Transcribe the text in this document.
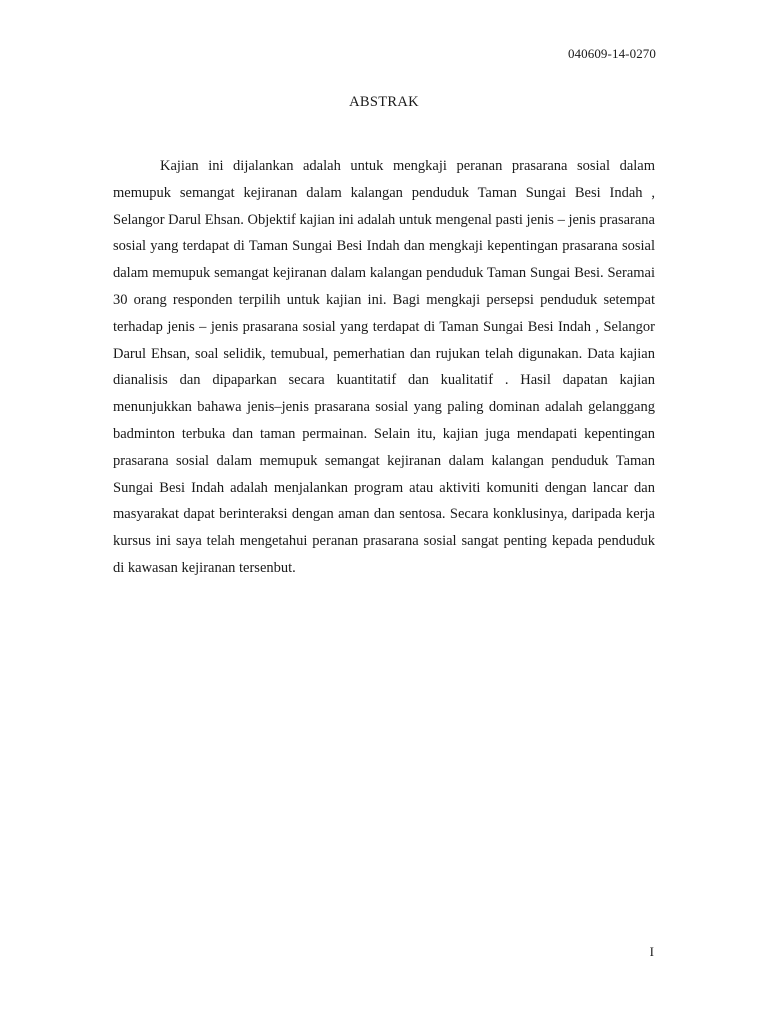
040609-14-0270
ABSTRAK

Kajian ini dijalankan adalah untuk mengkaji peranan prasarana sosial dalam memupuk semangat kejiranan dalam kalangan penduduk Taman Sungai Besi Indah , Selangor Darul Ehsan. Objektif kajian ini adalah untuk mengenal pasti jenis – jenis prasarana sosial yang terdapat di Taman Sungai Besi Indah dan mengkaji kepentingan prasarana sosial dalam memupuk semangat kejiranan dalam kalangan penduduk Taman Sungai Besi. Seramai 30 orang responden terpilih untuk kajian ini. Bagi mengkaji persepsi penduduk setempat terhadap jenis – jenis prasarana sosial yang terdapat di Taman Sungai Besi Indah , Selangor Darul Ehsan, soal selidik, temubual, pemerhatian dan rujukan telah digunakan. Data kajian dianalisis dan dipaparkan secara kuantitatif dan kualitatif . Hasil dapatan kajian menunjukkan bahawa jenis–jenis prasarana sosial yang paling dominan adalah gelanggang badminton terbuka dan taman permainan. Selain itu, kajian juga mendapati kepentingan prasarana sosial dalam memupuk semangat kejiranan dalam kalangan penduduk Taman Sungai Besi Indah adalah menjalankan program atau aktiviti komuniti dengan lancar dan masyarakat dapat berinteraksi dengan aman dan sentosa. Secara konklusinya, daripada kerja kursus ini saya telah mengetahui peranan prasarana sosial sangat penting kepada penduduk di kawasan kejiranan tersenbut.

I
